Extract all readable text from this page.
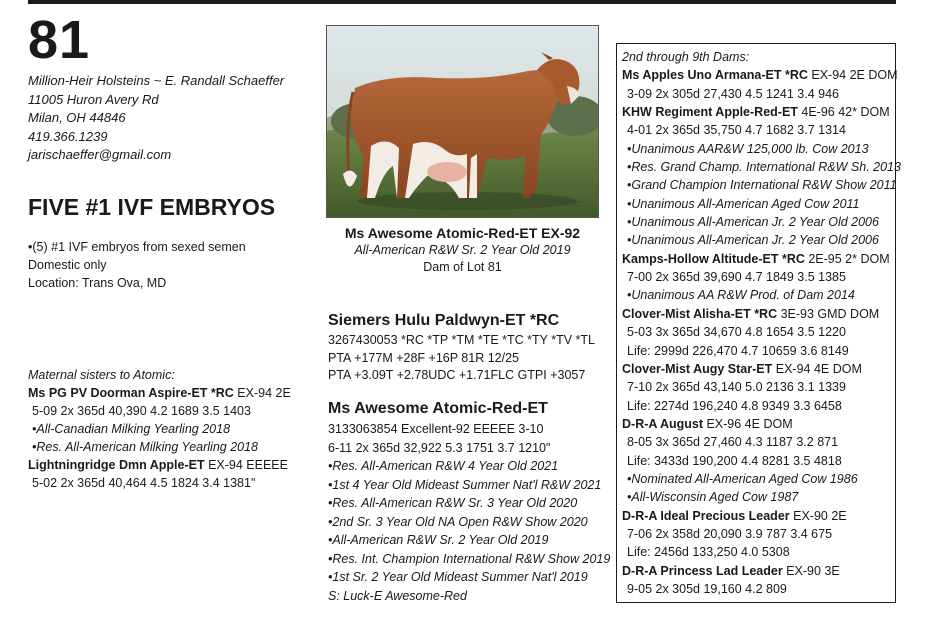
81
Million-Heir Holsteins ~ E. Randall Schaeffer
11005 Huron Avery Rd
Milan, OH 44846
419.366.1239
jarischaeffer@gmail.com
FIVE #1 IVF EMBRYOS
•(5) #1 IVF embryos from sexed semen
Domestic only
Location: Trans Ova, MD
Maternal sisters to Atomic:
Ms PG PV Doorman Aspire-ET *RC EX-94 2E
5-09 2x 365d 40,390 4.2 1689 3.5 1403
•All-Canadian Milking Yearling 2018
•Res. All-American Milking Yearling 2018
Lightningridge Dmn Apple-ET EX-94 EEEEE
5-02 2x 365d 40,464 4.5 1824 3.4 1381"
Cybil Fisher
Ms Awesome Atomic-Red-ET EX-92
All-American R&W Sr. 2 Year Old 2019
Dam of Lot 81
Siemers Hulu Paldwyn-ET *RC
3267430053 *RC *TP *TM *TE *TC *TY *TV *TL
PTA +177M +28F +16P 81R 12/25
PTA +3.09T +2.78UDC +1.71FLC GTPI +3057
Ms Awesome Atomic-Red-ET
3133063854 Excellent-92 EEEEE 3-10
6-11 2x 365d 32,922 5.3 1751 3.7 1210"
•Res. All-American R&W 4 Year Old 2021
•1st 4 Year Old Mideast Summer Nat'l R&W 2021
•Res. All-American R&W Sr. 3 Year Old 2020
•2nd Sr. 3 Year Old NA Open R&W Show 2020
•All-American R&W Sr. 2 Year Old 2019
•Res. Int. Champion International R&W Show 2019
•1st Sr. 2 Year Old Mideast Summer Nat'l 2019
S: Luck-E Awesome-Red
2nd through 9th Dams:
Ms Apples Uno Armana-ET *RC EX-94 2E DOM
3-09 2x 305d 27,430 4.5 1241 3.4 946
KHW Regiment Apple-Red-ET 4E-96 42* DOM
4-01 2x 365d 35,750 4.7 1682 3.7 1314
•Unanimous AAR&W 125,000 lb. Cow 2013
•Res. Grand Champ. International R&W Sh. 2013
•Grand Champion International R&W Show 2011
•Unanimous All-American Aged Cow 2011
•Unanimous All-American Jr. 2 Year Old 2006
•Unanimous All-American Jr. 2 Year Old 2006
Kamps-Hollow Altitude-ET *RC 2E-95 2* DOM
7-00 2x 365d 39,690 4.7 1849 3.5 1385
•Unanimous AA R&W Prod. of Dam 2014
Clover-Mist Alisha-ET *RC 3E-93 GMD DOM
5-03 3x 365d 34,670 4.8 1654 3.5 1220
Life: 2999d 226,470 4.7 10659 3.6 8149
Clover-Mist Augy Star-ET EX-94 4E DOM
7-10 2x 365d 43,140 5.0 2136 3.1 1339
Life: 2274d 196,240 4.8 9349 3.3 6458
D-R-A August EX-96 4E DOM
8-05 3x 365d 27,460 4.3 1187 3.2 871
Life: 3433d 190,200 4.4 8281 3.5 4818
•Nominated All-American Aged Cow 1986
•All-Wisconsin Aged Cow 1987
D-R-A Ideal Precious Leader EX-90 2E
7-06 2x 358d 20,090 3.9 787 3.4 675
Life: 2456d 133,250 4.0 5308
D-R-A Princess Lad Leader EX-90 3E
9-05 2x 305d 19,160 4.2 809
